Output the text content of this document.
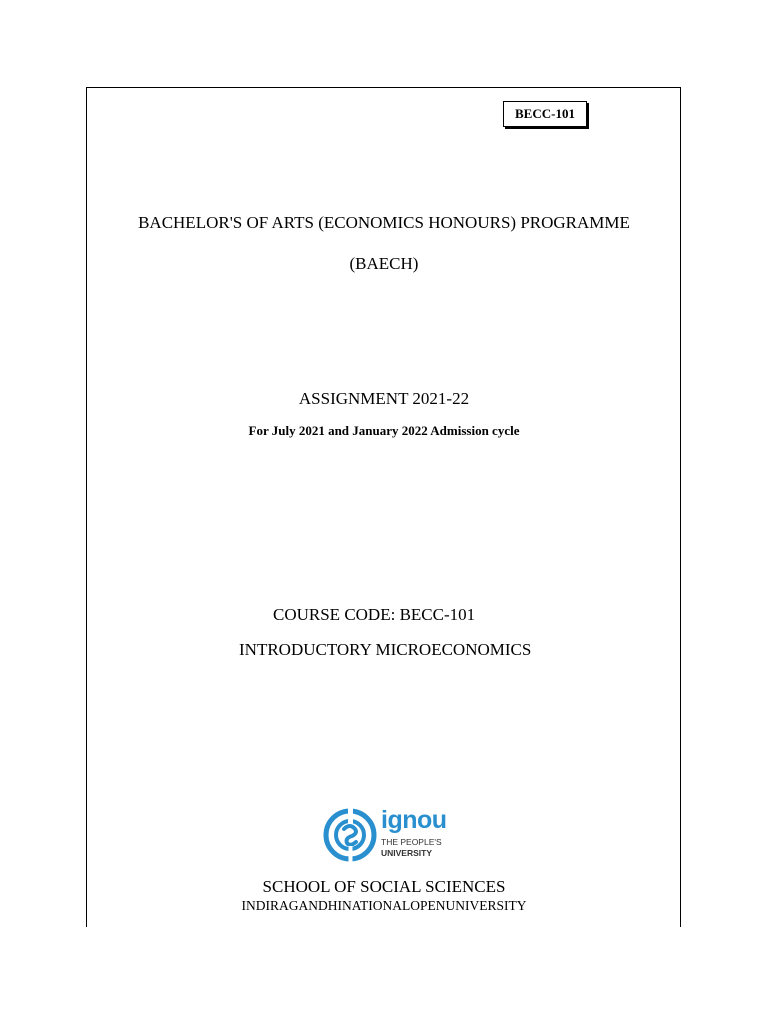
BECC-101
BACHELOR'S OF ARTS (ECONOMICS HONOURS) PROGRAMME
(BAECH)
ASSIGNMENT 2021-22
For July 2021 and January 2022 Admission cycle
COURSE CODE: BECC-101
INTRODUCTORY MICROECONOMICS
ignou
THE PEOPLE'S
UNIVERSITY
SCHOOL OF SOCIAL SCIENCES
INDIRAGANDHINATIONALOPENUNIVERSITY
